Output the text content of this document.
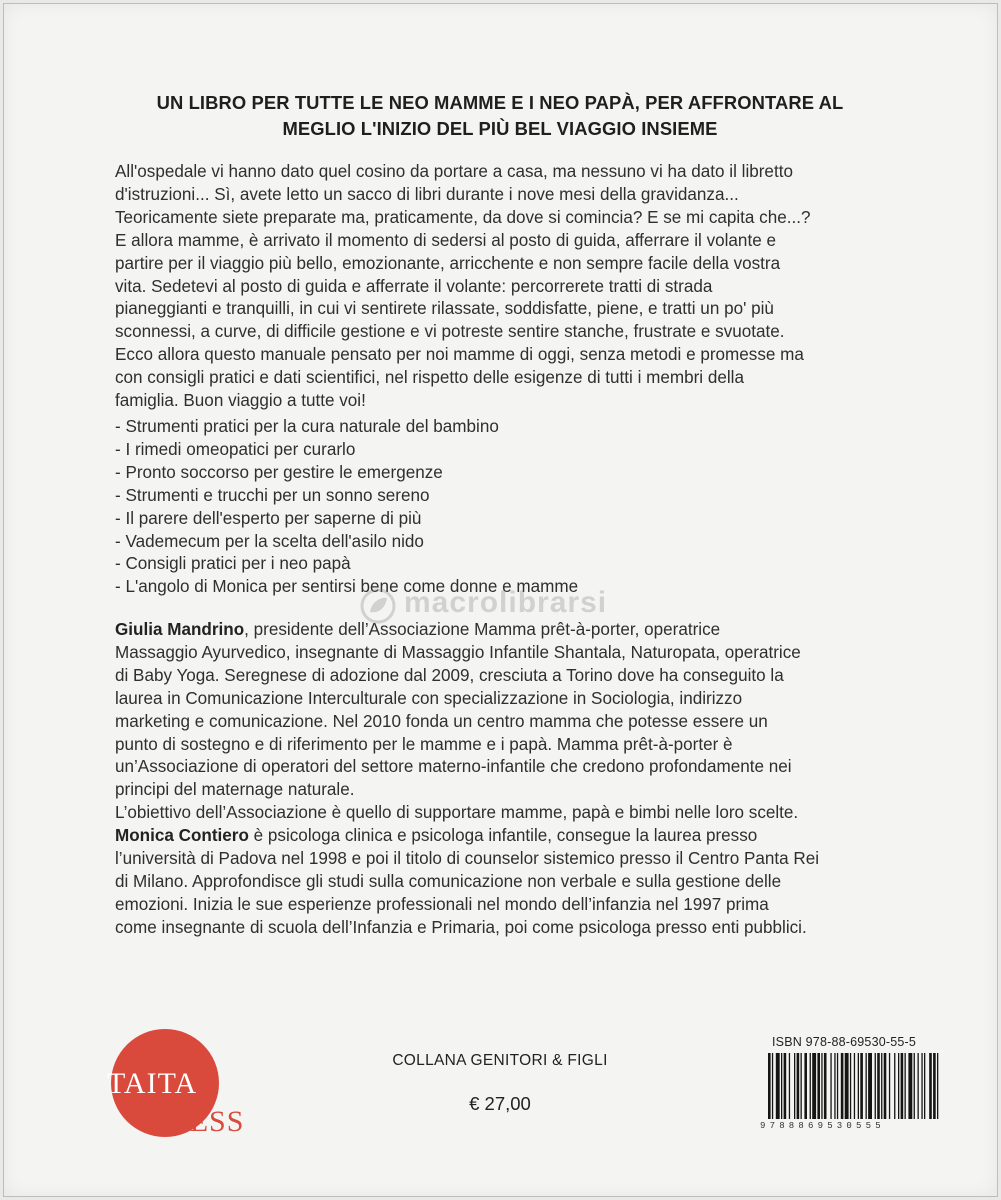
UN LIBRO PER TUTTE LE NEO MAMME E I NEO PAPÀ, PER AFFRONTARE AL
MEGLIO L'INIZIO DEL PIÙ BEL VIAGGIO INSIEME
All'ospedale vi hanno dato quel cosino da portare a casa, ma nessuno vi ha dato il libretto
d'istruzioni... Sì, avete letto un sacco di libri durante i nove mesi della gravidanza...
Teoricamente siete preparate ma, praticamente, da dove si comincia? E se mi capita che...?
E allora mamme, è arrivato il momento di sedersi al posto di guida, afferrare il volante e
partire per il viaggio più bello, emozionante, arricchente e non sempre facile della vostra
vita. Sedetevi al posto di guida e afferrate il volante: percorrerete tratti di strada
pianeggianti e tranquilli, in cui vi sentirete rilassate, soddisfatte, piene, e tratti un po' più
sconnessi, a curve, di difficile gestione e vi potreste sentire stanche, frustrate e svuotate.
Ecco allora questo manuale pensato per noi mamme di oggi, senza metodi e promesse ma
con consigli pratici e dati scientifici, nel rispetto delle esigenze di tutti i membri della
famiglia. Buon viaggio a tutte voi!
- Strumenti pratici per la cura naturale del bambino
- I rimedi omeopatici per curarlo
- Pronto soccorso per gestire le emergenze
- Strumenti e trucchi per un sonno sereno
- Il parere dell'esperto per saperne di più
- Vademecum per la scelta dell'asilo nido
- Consigli pratici per i neo papà
- L'angolo di Monica per sentirsi bene come donne e mamme
macrolibrarsi
Giulia Mandrino, presidente dell’Associazione Mamma prêt-à-porter, operatrice
Massaggio Ayurvedico, insegnante di Massaggio Infantile Shantala, Naturopata, operatrice
di Baby Yoga. Seregnese di adozione dal 2009, cresciuta a Torino dove ha conseguito la
laurea in Comunicazione Interculturale con specializzazione in Sociologia, indirizzo
marketing e comunicazione. Nel 2010 fonda un centro mamma che potesse essere un
punto di sostegno e di riferimento per le mamme e i papà. Mamma prêt-à-porter è
un’Associazione di operatori del settore materno-infantile che credono profondamente nei
principi del maternage naturale.
L’obiettivo dell’Associazione è quello di supportare mamme, papà e bimbi nelle loro scelte.
Monica Contiero è psicologa clinica e psicologa infantile, consegue la laurea presso
l’università di Padova nel 1998 e poi il titolo di counselor sistemico presso il Centro Panta Rei
di Milano. Approfondisce gli studi sulla comunicazione non verbale e sulla gestione delle
emozioni. Inizia le sue esperienze professionali nel mondo dell’infanzia nel 1997 prima
come insegnante di scuola dell’Infanzia e Primaria, poi come psicologa presso enti pubblici.
TAITA
PRESS
COLLANA GENITORI & FIGLI
€ 27,00
ISBN 978-88-69530-55-5
9788869530555
